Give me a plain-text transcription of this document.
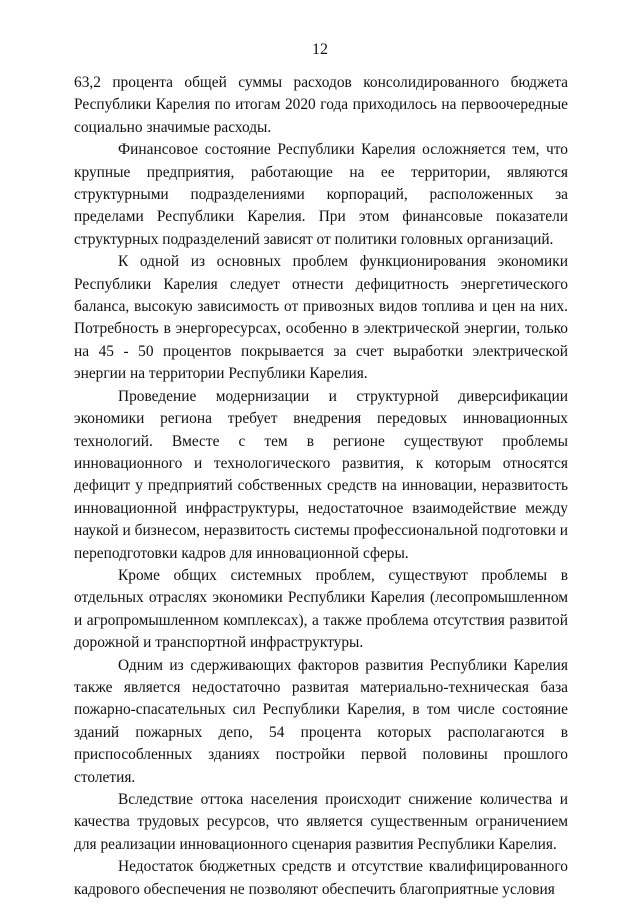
12

63,2 процента общей суммы расходов консолидированного бюджета Республики Карелия по итогам 2020 года приходилось на первоочередные социально значимые расходы.

Финансовое состояние Республики Карелия осложняется тем, что крупные предприятия, работающие на ее территории, являются структурными подразделениями корпораций, расположенных за пределами Республики Карелия. При этом финансовые показатели структурных подразделений зависят от политики головных организаций.

К одной из основных проблем функционирования экономики Республики Карелия следует отнести дефицитность энергетического баланса, высокую зависимость от привозных видов топлива и цен на них. Потребность в энергоресурсах, особенно в электрической энергии, только на 45 - 50 процентов покрывается за счет выработки электрической энергии на территории Республики Карелия.

Проведение модернизации и структурной диверсификации экономики региона требует внедрения передовых инновационных технологий. Вместе с тем в регионе существуют проблемы инновационного и технологического развития, к которым относятся дефицит у предприятий собственных средств на инновации, неразвитость инновационной инфраструктуры, недостаточное взаимодействие между наукой и бизнесом, неразвитость системы профессиональной подготовки и переподготовки кадров для инновационной сферы.

Кроме общих системных проблем, существуют проблемы в отдельных отраслях экономики Республики Карелия (лесопромышленном и агропромышленном комплексах), а также проблема отсутствия развитой дорожной и транспортной инфраструктуры.

Одним из сдерживающих факторов развития Республики Карелия также является недостаточно развитая материально-техническая база пожарно-спасательных сил Республики Карелия, в том числе состояние зданий пожарных депо, 54 процента которых располагаются в приспособленных зданиях постройки первой половины прошлого столетия.

Вследствие оттока населения происходит снижение количества и качества трудовых ресурсов, что является существенным ограничением для реализации инновационного сценария развития Республики Карелия.

Недостаток бюджетных средств и отсутствие квалифицированного кадрового обеспечения не позволяют обеспечить благоприятные условия
